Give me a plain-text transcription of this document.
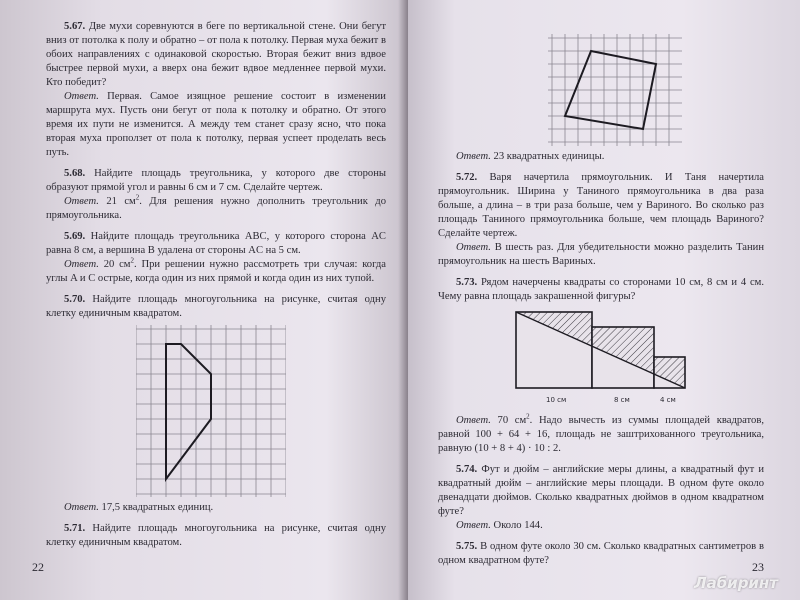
5.67. Две мухи соревнуются в беге по вертикальной стене. Они бегут вниз от потолка к полу и обратно – от пола к потолку. Первая муха бежит в обоих направлениях с одинаковой скоростью. Вторая бежит вниз вдвое быстрее первой мухи, а вверх она бежит вдвое медленнее первой мухи. Кто победит?

Ответ. Первая. Самое изящное решение состоит в изменении маршрута мух. Пусть они бегут от пола к потолку и обратно. От этого время их пути не изменится. А между тем станет сразу ясно, что пока вторая муха проползет от пола к потолку, первая успеет проделать весь путь.

5.68. Найдите площадь треугольника, у которого две стороны образуют прямой угол и равны 6 см и 7 см. Сделайте чертеж.

Ответ. 21 $см^2$. Для решения нужно дополнить треугольник до прямоугольника.

5.69. Найдите площадь треугольника ABC, у которого сторона AC равна 8 см, а вершина B удалена от стороны AC на 5 см.

Ответ. 20 $см^2$. При решении нужно рассмотреть три случая: когда углы A и C острые, когда один из них прямой и когда один из них тупой.

5.70. Найдите площадь многоугольника на рисунке, считая одну клетку единичным квадратом.

Ответ. 17,5 квадратных единиц.

5.71. Найдите площадь многоугольника на рисунке, считая одну клетку единичным квадратом.

22

Ответ. 23 квадратных единицы.

5.72. Варя начертила прямоугольник. И Таня начертила прямоугольник. Ширина у Таниного прямоугольника в два раза больше, а длина – в три раза больше, чем у Вариного. Во сколько раз площадь Таниного прямоугольника больше, чем площадь Вариного? Сделайте чертеж.

Ответ. В шесть раз. Для убедительности можно разделить Танин прямоугольник на шесть Вариных.

5.73. Рядом начерчены квадраты со сторонами 10 см, 8 см и 4 см. Чему равна площадь закрашенной фигуры?

10 см	8 см	4 см

Ответ. 70 $см^2$. Надо вычесть из суммы площадей квадратов, равной 100 + 64 + 16, площадь не заштрихованного треугольника, равную (10 + 8 + 4) · 10 : 2.

5.74. Фут и дюйм – английские меры длины, а квадратный фут и квадратный дюйм – английские меры площади. В одном футе около двенадцати дюймов. Сколько квадратных дюймов в одном квадратном футе?

Ответ. Около 144.

5.75. В одном футе около 30 см. Сколько квадратных сантиметров в одном квадратном футе?	23
Лабиринт
